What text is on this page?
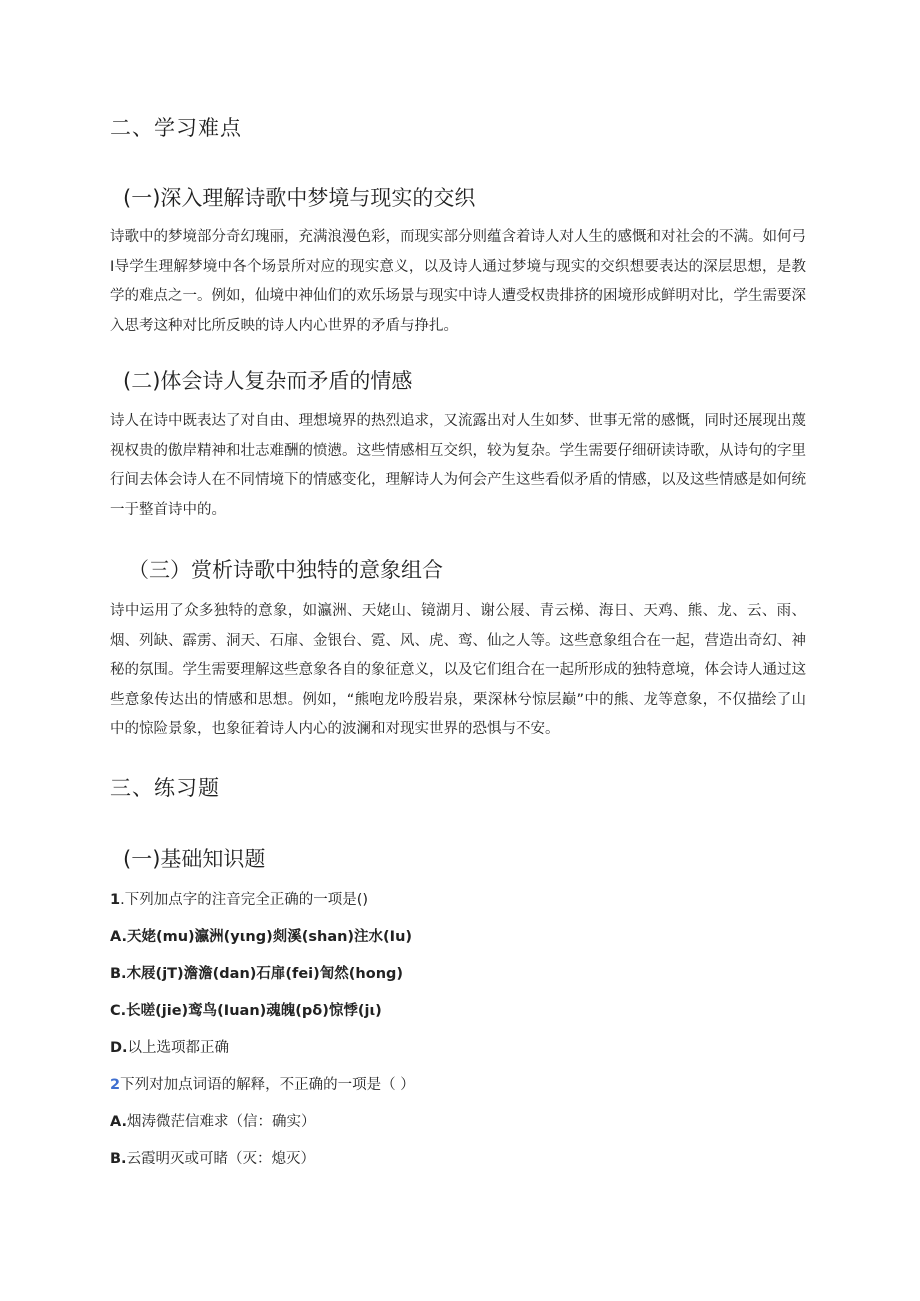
二、学习难点
(一)深入理解诗歌中梦境与现实的交织

诗歌中的梦境部分奇幻瑰丽，充满浪漫色彩，而现实部分则蕴含着诗人对人生的感慨和对社会的不满。如何弓I导学生理解梦境中各个场景所对应的现实意义，以及诗人通过梦境与现实的交织想要表达的深层思想，是教学的难点之一。例如，仙境中神仙们的欢乐场景与现实中诗人遭受权贵排挤的困境形成鲜明对比，学生需要深入思考这种对比所反映的诗人内心世界的矛盾与挣扎。

(二)体会诗人复杂而矛盾的情感

诗人在诗中既表达了对自由、理想境界的热烈追求，又流露出对人生如梦、世事无常的感慨，同时还展现出蔑视权贵的傲岸精神和壮志难酬的愤懑。这些情感相互交织，较为复杂。学生需要仔细研读诗歌，从诗句的字里行间去体会诗人在不同情境下的情感变化，理解诗人为何会产生这些看似矛盾的情感，以及这些情感是如何统一于整首诗中的。

（三）赏析诗歌中独特的意象组合

诗中运用了众多独特的意象，如瀛洲、天姥山、镜湖月、谢公屐、青云梯、海日、天鸡、熊、龙、云、雨、烟、列缺、霹雳、洞天、石扉、金银台、霓、风、虎、鸾、仙之人等。这些意象组合在一起，营造出奇幻、神秘的氛围。学生需要理解这些意象各自的象征意义，以及它们组合在一起所形成的独特意境，体会诗人通过这些意象传达出的情感和思想。例如，“熊咆龙吟殷岩泉，栗深林兮惊层巅”中的熊、龙等意象，不仅描绘了山中的惊险景象，也象征着诗人内心的波澜和对现实世界的恐惧与不安。

三、练习题
(一)基础知识题
1.下列加点字的注音完全正确的一项是()
A.天姥(mu)瀛洲(yιng)剡溪(shan)注水(Iu)
B.木屐(jT)澹澹(dan)石扉(fei)訇然(hong)
C.长嗟(jie)鸾鸟(Iuan)魂魄(pδ)惊悸(jι)
D.以上选项都正确
2下列对加点词语的解释，不正确的一项是（ ）
A.烟涛微茫信难求（信：确实）
B.云霞明灭或可睹（灭：熄灭）
